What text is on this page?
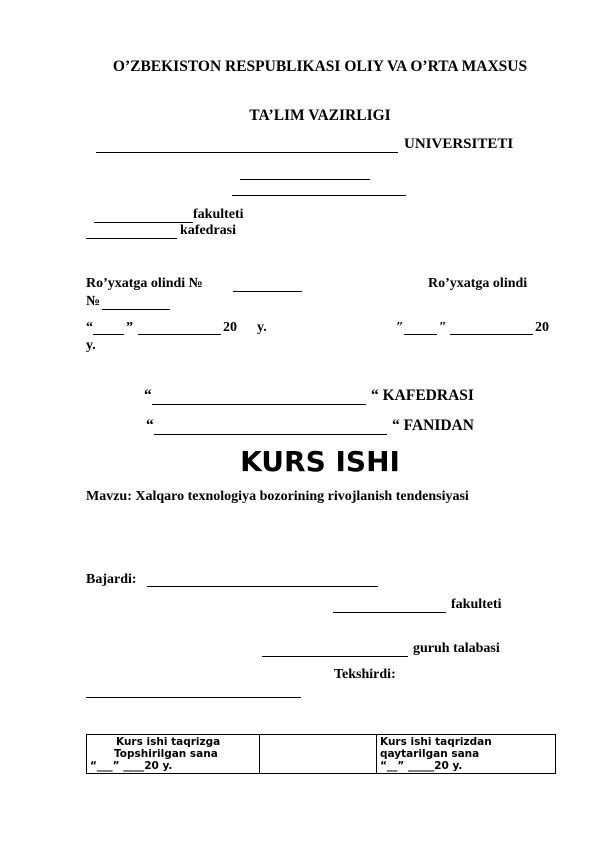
O’ZBEKISTON RESPUBLIKASI OLIY VA O’RTA MAXSUS
TA’LIM VAZIRLIGI
UNIVERSITETI
fakulteti
kafedrasi
Ro’yxatga olindi №	Ro’yxatga olindi
№
“ ”	20 y.	″	″	20
y.
“	“ KAFEDRASI
“	“ FANIDAN
KURS ISHI
Mavzu: Xalqaro texnologiya bozorining rivojlanish tendensiyasi
Bajardi:
fakulteti
guruh talabasi
Tekshirdi:
Kurs ishi taqrizga
Topshirilgan sana
“___” ____20 y.

Kurs ishi taqrizdan
qaytarilgan sana
“__” _____20 y.
